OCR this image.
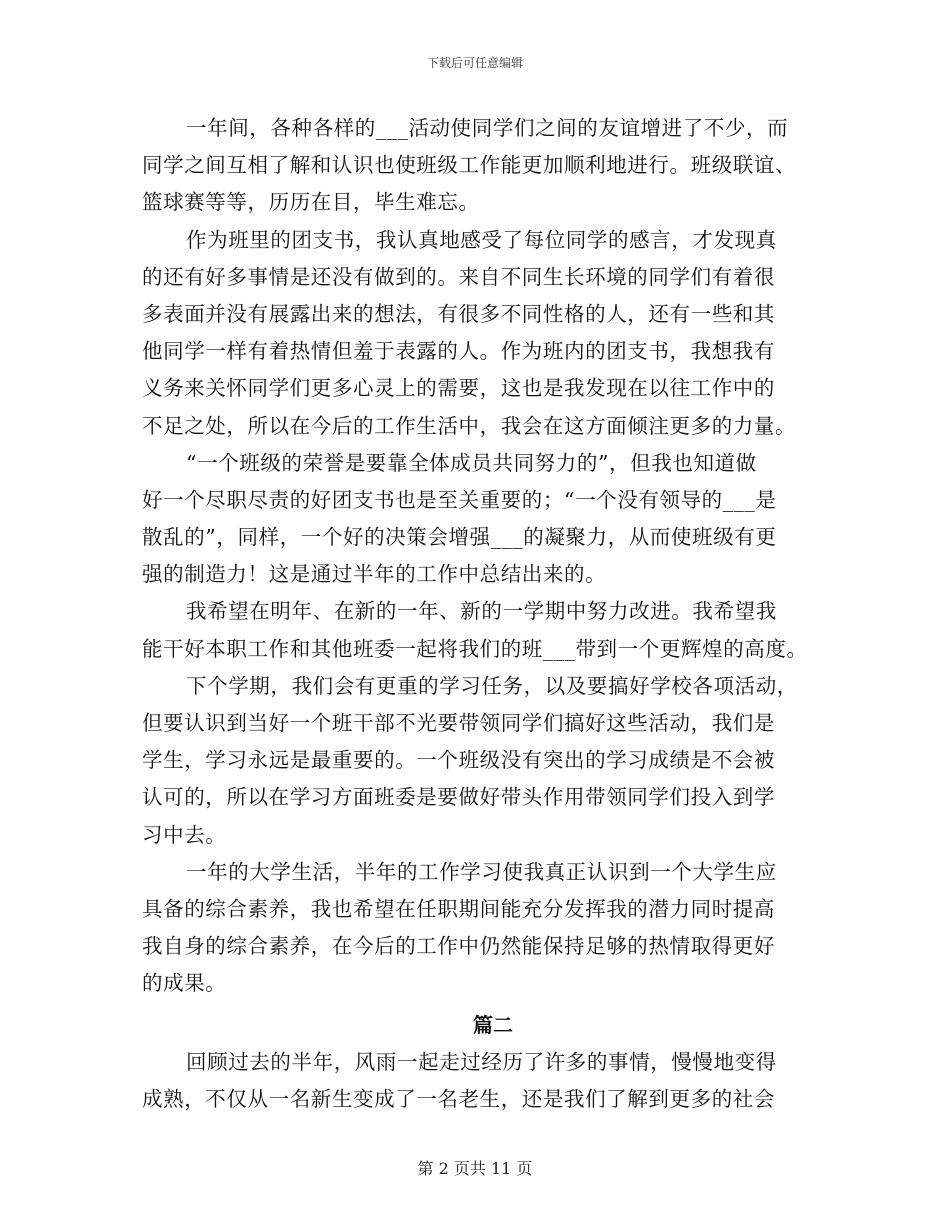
下载后可任意编辑
一年间，各种各样的___活动使同学们之间的友谊增进了不少，而
同学之间互相了解和认识也使班级工作能更加顺利地进行。班级联谊、
篮球赛等等，历历在目，毕生难忘。
作为班里的团支书，我认真地感受了每位同学的感言，才发现真
的还有好多事情是还没有做到的。来自不同生长环境的同学们有着很
多表面并没有展露出来的想法，有很多不同性格的人，还有一些和其
他同学一样有着热情但羞于表露的人。作为班内的团支书，我想我有
义务来关怀同学们更多心灵上的需要，这也是我发现在以往工作中的
不足之处，所以在今后的工作生活中，我会在这方面倾注更多的力量。
“一个班级的荣誉是要靠全体成员共同努力的”，但我也知道做
好一个尽职尽责的好团支书也是至关重要的；“一个没有领导的___是
散乱的”，同样，一个好的决策会增强___的凝聚力，从而使班级有更
强的制造力！这是通过半年的工作中总结出来的。
我希望在明年、在新的一年、新的一学期中努力改进。我希望我
能干好本职工作和其他班委一起将我们的班___带到一个更辉煌的高度。
下个学期，我们会有更重的学习任务，以及要搞好学校各项活动，
但要认识到当好一个班干部不光要带领同学们搞好这些活动，我们是
学生，学习永远是最重要的。一个班级没有突出的学习成绩是不会被
认可的，所以在学习方面班委是要做好带头作用带领同学们投入到学
习中去。
一年的大学生活，半年的工作学习使我真正认识到一个大学生应
具备的综合素养，我也希望在任职期间能充分发挥我的潜力同时提高
我自身的综合素养，在今后的工作中仍然能保持足够的热情取得更好
的成果。
篇二
回顾过去的半年，风雨一起走过经历了许多的事情，慢慢地变得
成熟，不仅从一名新生变成了一名老生，还是我们了解到更多的社会
第 2 页共 11 页
